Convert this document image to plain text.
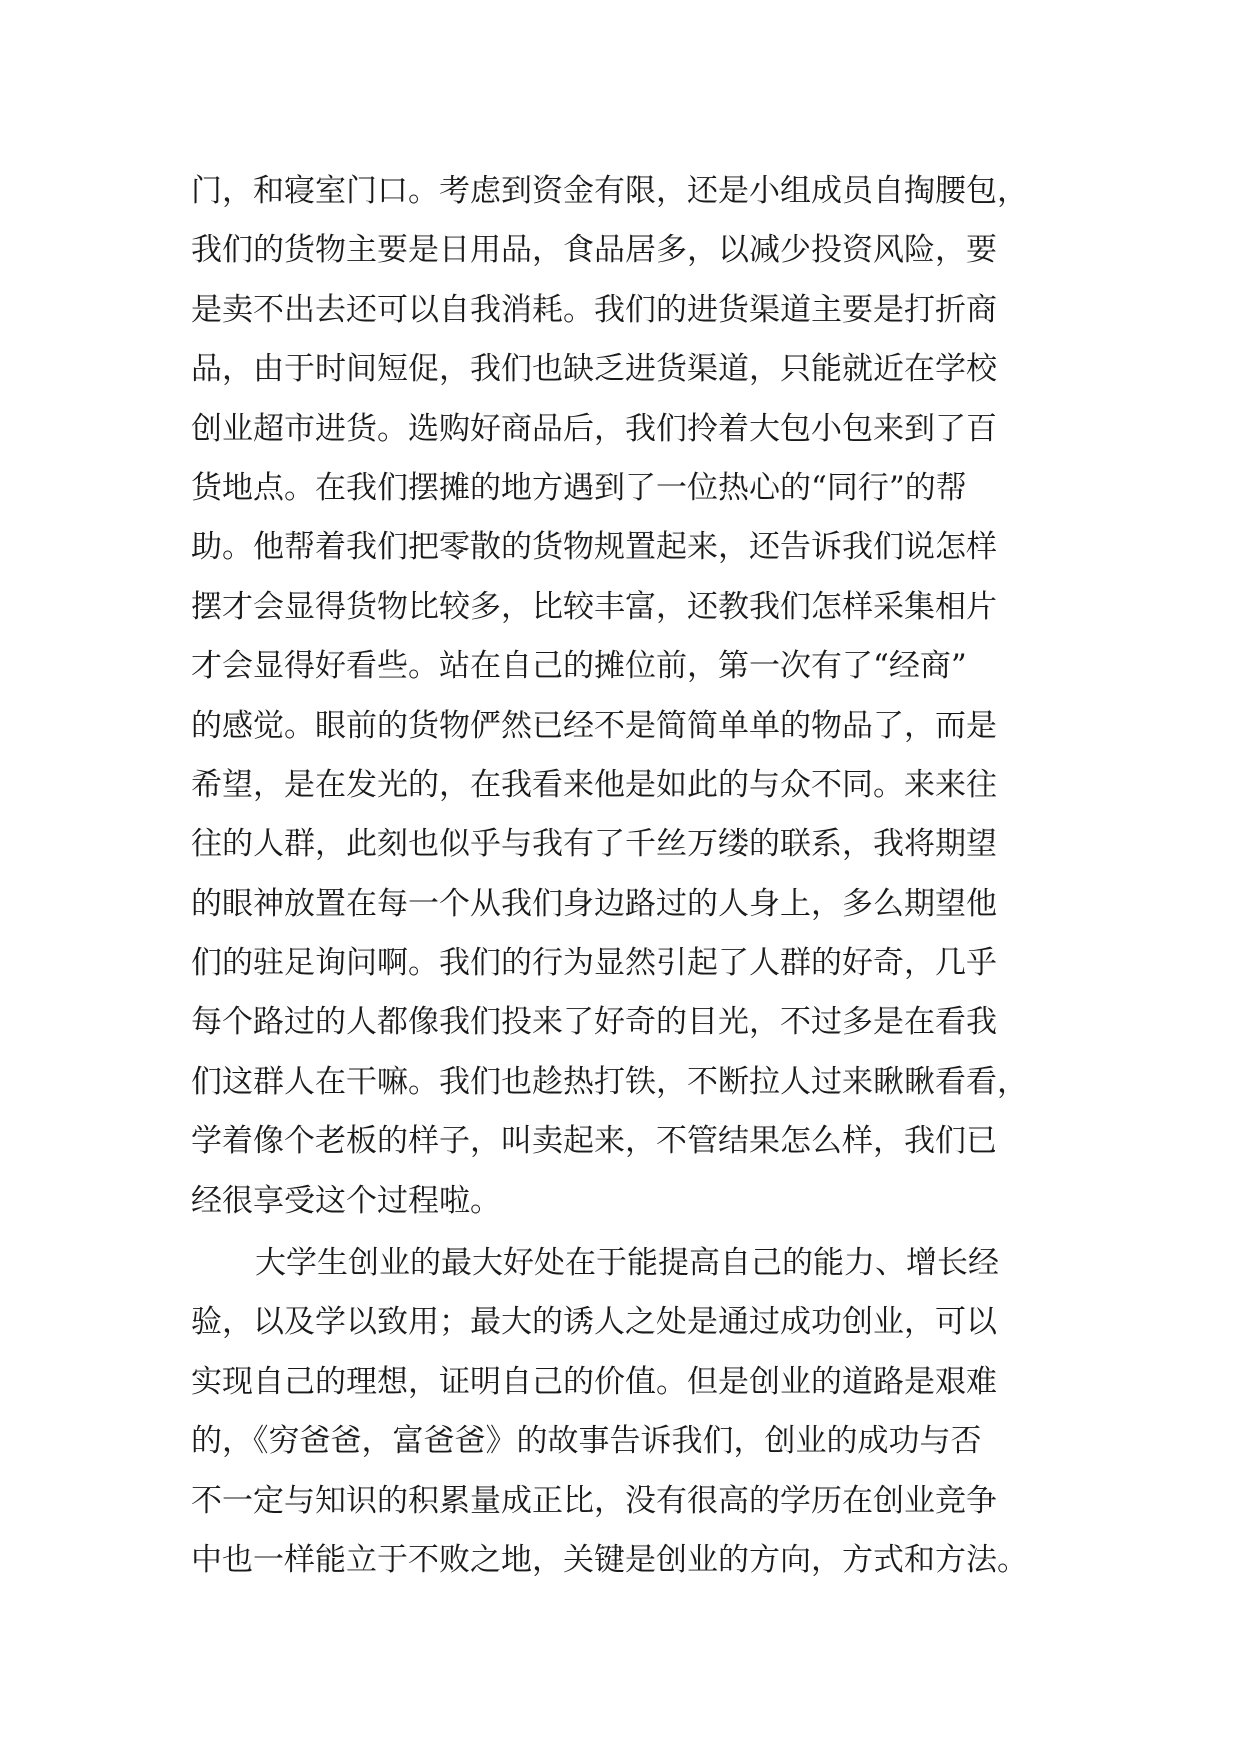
门，和寝室门口。考虑到资金有限，还是小组成员自掏腰包，

我们的货物主要是日用品，食品居多，以减少投资风险，要

是卖不出去还可以自我消耗。我们的进货渠道主要是打折商

品，由于时间短促，我们也缺乏进货渠道，只能就近在学校

创业超市进货。选购好商品后，我们拎着大包小包来到了百

货地点。在我们摆摊的地方遇到了一位热心的“同行”的帮

助。他帮着我们把零散的货物规置起来，还告诉我们说怎样

摆才会显得货物比较多，比较丰富，还教我们怎样采集相片

才会显得好看些。站在自己的摊位前，第一次有了“经商”

的感觉。眼前的货物俨然已经不是简简单单的物品了，而是

希望，是在发光的，在我看来他是如此的与众不同。来来往

往的人群，此刻也似乎与我有了千丝万缕的联系，我将期望

的眼神放置在每一个从我们身边路过的人身上，多么期望他

们的驻足询问啊。我们的行为显然引起了人群的好奇，几乎

每个路过的人都像我们投来了好奇的目光，不过多是在看我

们这群人在干嘛。我们也趁热打铁，不断拉人过来瞅瞅看看，

学着像个老板的样子，叫卖起来，不管结果怎么样，我们已

经很享受这个过程啦。

大学生创业的最大好处在于能提高自己的能力、增长经

验，以及学以致用；最大的诱人之处是通过成功创业，可以

实现自己的理想，证明自己的价值。但是创业的道路是艰难

的，《穷爸爸，富爸爸》的故事告诉我们，创业的成功与否

不一定与知识的积累量成正比，没有很高的学历在创业竞争

中也一样能立于不败之地，关键是创业的方向，方式和方法。
